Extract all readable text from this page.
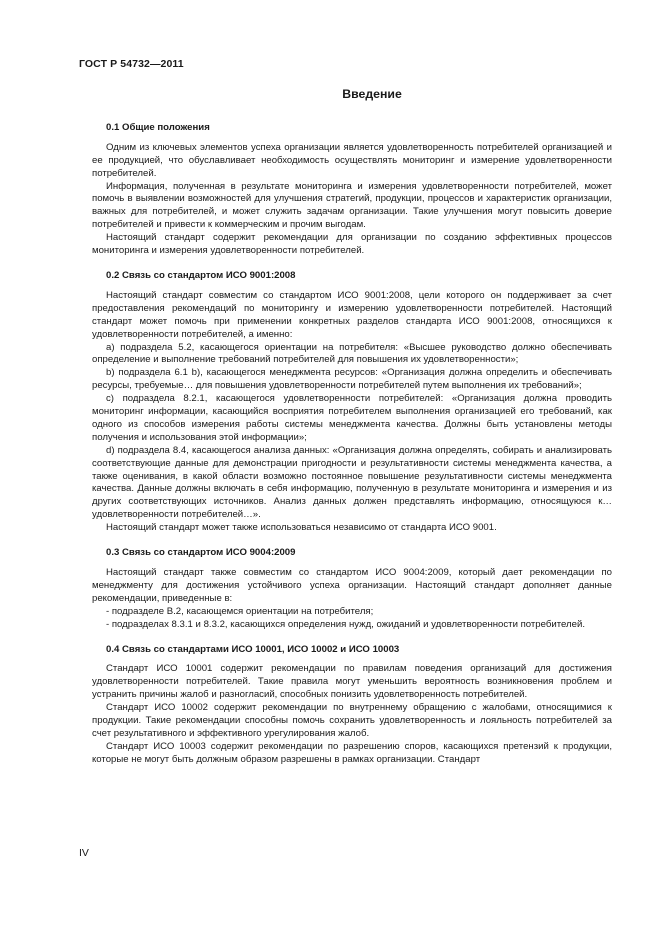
ГОСТ Р 54732—2011
Введение
0.1 Общие положения

Одним из ключевых элементов успеха организации является удовлетворенность потребителей организацией и ее продукцией, что обуславливает необходимость осуществлять мониторинг и измерение удовлетворенности потребителей.

Информация, полученная в результате мониторинга и измерения удовлетворенности потребителей, может помочь в выявлении возможностей для улучшения стратегий, продукции, процессов и характеристик организации, важных для потребителей, и может служить задачам организации. Такие улучшения могут повысить доверие потребителей и привести к коммерческим и прочим выгодам.

Настоящий стандарт содержит рекомендации для организации по созданию эффективных процессов мониторинга и измерения удовлетворенности потребителей.

0.2 Связь со стандартом ИСО 9001:2008

Настоящий стандарт совместим со стандартом ИСО 9001:2008, цели которого он поддерживает за счет предоставления рекомендаций по мониторингу и измерению удовлетворенности потребителей. Настоящий стандарт может помочь при применении конкретных разделов стандарта ИСО 9001:2008, относящихся к удовлетворенности потребителей, а именно:

a) подраздела 5.2, касающегося ориентации на потребителя: «Высшее руководство должно обеспечивать определение и выполнение требований потребителей для повышения их удовлетворенности»;

b) подраздела 6.1 b), касающегося менеджмента ресурсов: «Организация должна определить и обеспечивать ресурсы, требуемые… для повышения удовлетворенности потребителей путем выполнения их требований»;

c) подраздела 8.2.1, касающегося удовлетворенности потребителей: «Организация должна проводить мониторинг информации, касающийся восприятия потребителем выполнения организацией его требований, как одного из способов измерения работы системы менеджмента качества. Должны быть установлены методы получения и использования этой информации»;

d) подраздела 8.4, касающегося анализа данных: «Организация должна определять, собирать и анализировать соответствующие данные для демонстрации пригодности и результативности системы менеджмента качества, а также оценивания, в какой области возможно постоянное повышение результативности системы менеджмента качества. Данные должны включать в себя информацию, полученную в результате мониторинга и измерения и из других соответствующих источников. Анализ данных должен представлять информацию, относящуюся к… удовлетворенности потребителей…».

Настоящий стандарт может также использоваться независимо от стандарта ИСО 9001.

0.3 Связь со стандартом ИСО 9004:2009

Настоящий стандарт также совместим со стандартом ИСО 9004:2009, который дает рекомендации по менеджменту для достижения устойчивого успеха организации. Настоящий стандарт дополняет данные рекомендации, приведенные в:

- подразделе B.2, касающемся ориентации на потребителя;

- подразделах 8.3.1 и 8.3.2, касающихся определения нужд, ожиданий и удовлетворенности потребителей.

0.4 Связь со стандартами ИСО 10001, ИСО 10002 и ИСО 10003

Стандарт ИСО 10001 содержит рекомендации по правилам поведения организаций для достижения удовлетворенности потребителей. Такие правила могут уменьшить вероятность возникновения проблем и устранить причины жалоб и разногласий, способных понизить удовлетворенность потребителей.

Стандарт ИСО 10002 содержит рекомендации по внутреннему обращению с жалобами, относящимися к продукции. Такие рекомендации способны помочь сохранить удовлетворенность и лояльность потребителей за счет результативного и эффективного урегулирования жалоб.

Стандарт ИСО 10003 содержит рекомендации по разрешению споров, касающихся претензий к продукции, которые не могут быть должным образом разрешены в рамках организации. Стандарт

IV
